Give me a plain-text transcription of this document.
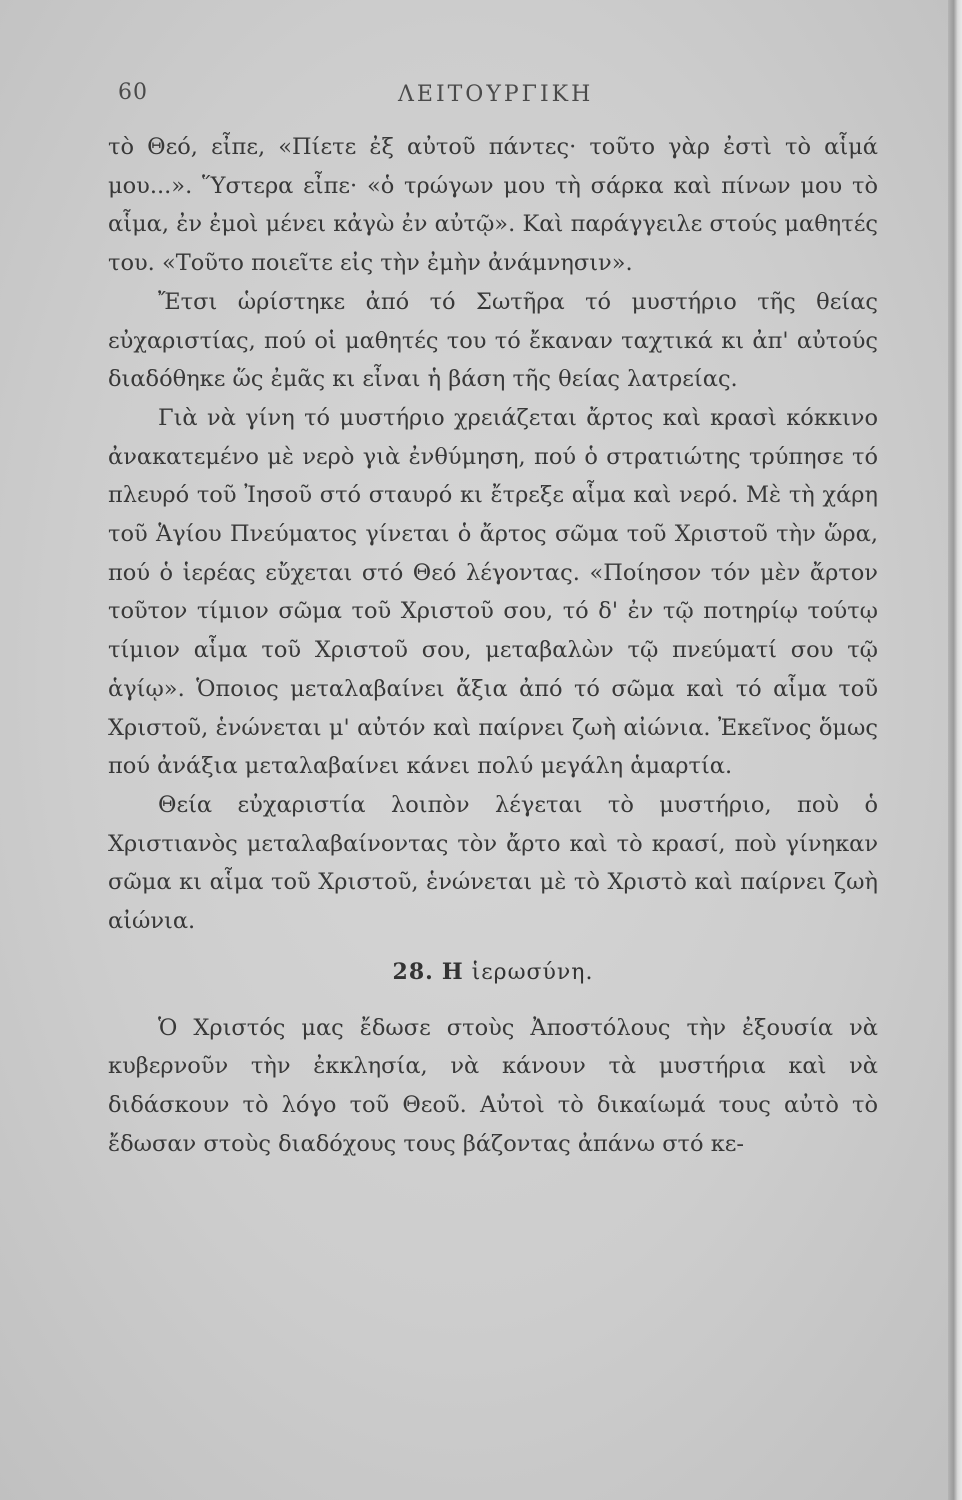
60	ΛΕΙΤΟΥΡΓΙΚΗ

τὸ Θεό, εἶπε, «Πίετε ἐξ αὐτοῦ πάντες· τοῦτο γὰρ ἐστὶ τὸ αἷμά μου...». Ὕστερα εἶπε· «ὁ τρώγων μου τὴ σάρκα καὶ πίνων μου τὸ αἷμα, ἐν ἐμοὶ μένει κἀγὼ ἐν αὐτῷ». Καὶ παράγγειλε στούς μαθητές του. «Τοῦτο ποιεῖτε εἰς τὴν ἐμὴν ἀνάμνησιν».

Ἔτσι ὡρίστηκε ἀπό τό Σωτῆρα τό μυστήριο τῆς θείας εὐχαριστίας, πού οἱ μαθητές του τό ἔκαναν ταχτικά κι ἀπ' αὐτούς διαδόθηκε ὥς ἐμᾶς κι εἶναι ἡ βάση τῆς θείας λατρείας.

Γιὰ νὰ γίνη τό μυστήριο χρειάζεται ἄρτος καὶ κρασὶ κόκκινο ἀνακατεμένο μὲ νερὸ γιὰ ἐνθύμηση, πού ὁ στρατιώτης τρύπησε τό πλευρό τοῦ Ἰησοῦ στό σταυρό κι ἔτρεξε αἷμα καὶ νερό. Μὲ τὴ χάρη τοῦ Ἁγίου Πνεύματος γίνεται ὁ ἄρτος σῶμα τοῦ Χριστοῦ τὴν ὥρα, πού ὁ ἱερέας εὔχεται στό Θεό λέγοντας. «Ποίησον τόν μὲν ἄρτον τοῦτον τίμιον σῶμα τοῦ Χριστοῦ σου, τό δ' ἐν τῷ ποτηρίῳ τούτῳ τίμιον αἷμα τοῦ Χριστοῦ σου, μεταβαλὼν τῷ πνεύματί σου τῷ ἁγίῳ». Ὁποιος μεταλαβαίνει ἄξια ἀπό τό σῶμα καὶ τό αἷμα τοῦ Χριστοῦ, ἑνώνεται μ' αὐτόν καὶ παίρνει ζωὴ αἰώνια. Ἐκεῖνος ὅμως πού ἀνάξια μεταλαβαίνει κάνει πολύ μεγάλη ἁμαρτία.

Θεία εὐχαριστία λοιπὸν λέγεται τὸ μυστήριο, ποὺ ὁ Χριστιανὸς μεταλαβαίνοντας τὸν ἄρτο καὶ τὸ κρασί, ποὺ γίνηκαν σῶμα κι αἷμα τοῦ Χριστοῦ, ἑνώνεται μὲ τὸ Χριστὸ καὶ παίρνει ζωὴ αἰώνια.

28. Η ἱερωσύνη.

Ὁ Χριστός μας ἔδωσε στοὺς Ἀποστόλους τὴν ἐξουσία νὰ κυβερνοῦν τὴν ἐκκλησία, νὰ κάνουν τὰ μυστήρια καὶ νὰ διδάσκουν τὸ λόγο τοῦ Θεοῦ. Αὐτοὶ τὸ δικαίωμά τους αὐτὸ τὸ ἔδωσαν στοὺς διαδόχους τους βάζοντας ἀπάνω στό κε-
